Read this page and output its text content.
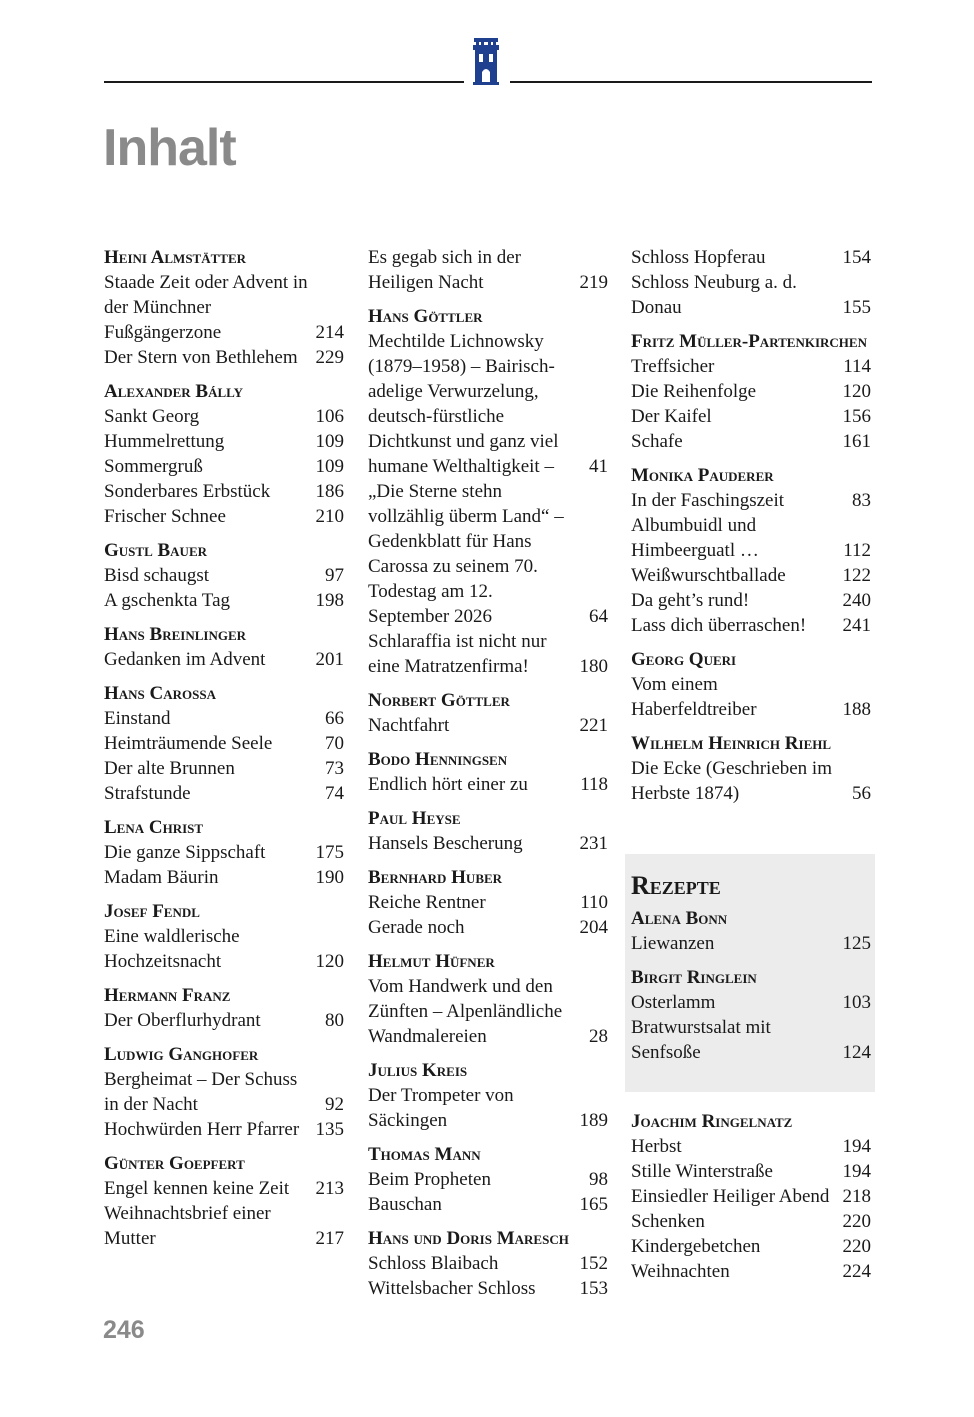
Inhalt
Heini Almstätter
Staade Zeit oder Advent in der Münchner Fußgängerzone	214
Der Stern von Bethlehem 229
Alexander Bálly
Sankt Georg	106
Hummelrettung	109
Sommergruß	109
Sonderbares Erbstück 186
Frischer Schnee	210
Gustl Bauer
Bisd schaugst	97
A gschenkta Tag	198
Hans Breinlinger
Gedanken im Advent	201
Hans Carossa
Einstand	66
Heimträumende Seele	70
Der alte Brunnen	73
Strafstunde	74
Lena Christ
Die ganze Sippschaft	175
Madam Bäurin	190
Josef Fendl
Eine waldlerische Hochzeitsnacht	120
Hermann Franz
Der Oberflurhydrant	80
Ludwig Ganghofer
Bergheimat – Der Schuss in der Nacht	92
Hochwürden Herr Pfarrer 135
Günter Goepfert
Engel kennen keine Zeit 213
Weihnachtsbrief einer Mutter	217
Es gegab sich in der Heiligen Nacht	219
Hans Göttler
Mechtilde Lichnowsky (1879–1958) – Bairisch-adelige Verwurzelung, deutsch-fürstliche Dichtkunst und ganz viel humane Welthaltigkeit – 41
„Die Sterne stehn vollzählig überm Land“ – Gedenkblatt für Hans Carossa zu seinem 70. Todestag am 12. September 2026	64
Schlaraffia ist nicht nur eine Matratzenfirma!	180
Norbert Göttler
Nachtfahrt	221
Bodo Henningsen
Endlich hört einer zu	118
Paul Heyse
Hansels Bescherung	231
Bernhard Huber
Reiche Rentner	110
Gerade noch	204
Helmut Hüfner
Vom Handwerk und den Zünften – Alpenländliche Wandmalereien	28
Julius Kreis
Der Trompeter von Säckingen	189
Thomas Mann
Beim Propheten	98
Bauschan	165
Hans und Doris Maresch
Schloss Blaibach	152
Wittelsbacher Schloss 153
Schloss Hopferau	154
Schloss Neuburg a. d. Donau	155
Fritz Müller-Partenkirchen
Treffsicher	114
Die Reihenfolge	120
Der Kaifel	156
Schafe	161
Monika Pauderer
In der Faschingszeit	83
Albumbuidl und Himbeerguatl …	112
Weißwurschtballade	122
Da geht’s rund!	240
Lass dich überraschen! 241
Georg Queri
Vom einem Haberfeldtreiber	188
Wilhelm Heinrich Riehl
Die Ecke (Geschrieben im Herbste 1874)	56
Rezepte
Alena Bonn
Liewanzen	125
Birgit Ringlein
Osterlamm	103
Bratwurstsalat mit Senfsoße	124
Joachim Ringelnatz
Herbst	194
Stille Winterstraße	194
Einsiedler Heiliger Abend 218
Schenken	220
Kindergebetchen	220
Weihnachten	224
246
